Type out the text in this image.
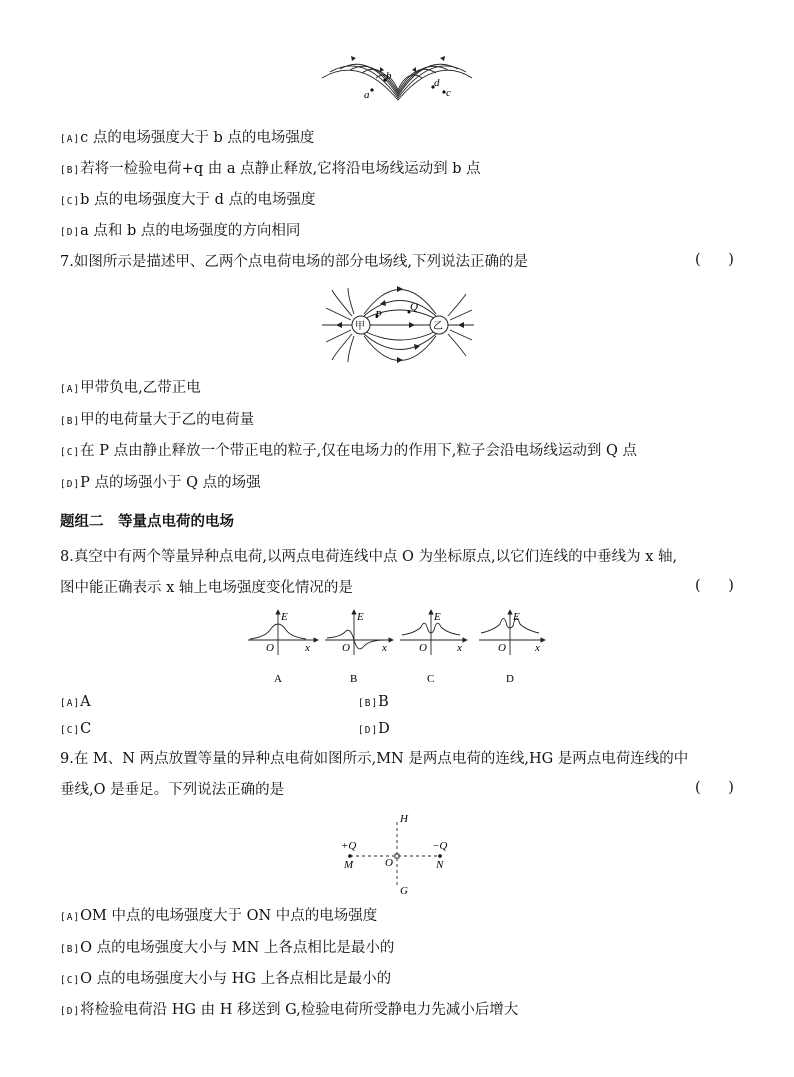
a
b
d
c
[A]c 点的电场强度大于 b 点的电场强度
[B]若将一检验电荷+q 由 a 点静止释放,它将沿电场线运动到 b 点
[C]b 点的电场强度大于 d 点的电场强度
[D]a 点和 b 点的电场强度的方向相同
7.如图所示是描述甲、乙两个点电荷电场的部分电场线,下列说法正确的是	(      )
甲	乙
P
Q
[A]甲带负电,乙带正电
[B]甲的电荷量大于乙的电荷量
[C]在 P 点由静止释放一个带正电的粒子,仅在电场力的作用下,粒子会沿电场线运动到 Q 点
[D]P 点的场强小于 Q 点的场强
题组二　等量点电荷的电场
8.真空中有两个等量异种点电荷,以两点电荷连线中点 O 为坐标原点,以它们连线的中垂线为 x 轴,
图中能正确表示 x 轴上电场强度变化情况的是	(      )
E
O	x
E
O	x
E
O	x
E
O	x
A	B	C	D
[A]A	[B]B
[C]C	[D]D
9.在 M、N 两点放置等量的异种点电荷如图所示,MN 是两点电荷的连线,HG 是两点电荷连线的中
垂线,O 是垂足。下列说法正确的是	(      )
H
G
O
M	N
+Q	−Q
[A]OM 中点的电场强度大于 ON 中点的电场强度
[B]O 点的电场强度大小与 MN 上各点相比是最小的
[C]O 点的电场强度大小与 HG 上各点相比是最小的
[D]将检验电荷沿 HG 由 H 移送到 G,检验电荷所受静电力先减小后增大
